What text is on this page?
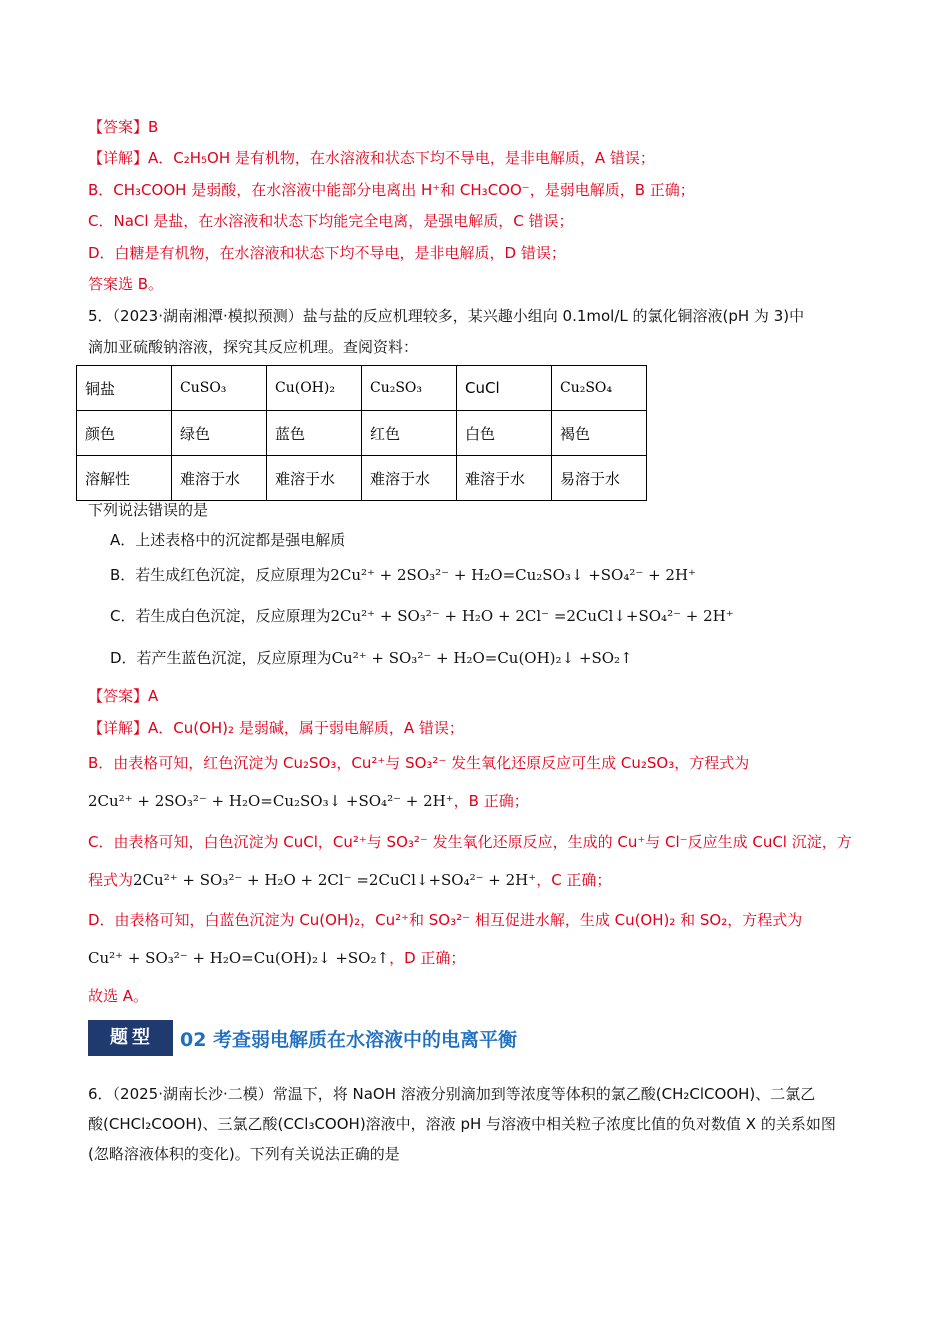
【答案】B
【详解】A．C₂H₅OH 是有机物，在水溶液和状态下均不导电，是非电解质，A 错误；
B．CH₃COOH 是弱酸，在水溶液中能部分电离出 H⁺和 CH₃COO⁻，是弱电解质，B 正确；
C．NaCl 是盐，在水溶液和状态下均能完全电离，是强电解质，C 错误；
D．白糖是有机物，在水溶液和状态下均不导电，是非电解质，D 错误；
答案选 B。
5．（2023·湖南湘潭·模拟预测）盐与盐的反应机理较多，某兴趣小组向 0.1mol/L 的氯化铜溶液(pH 为 3)中
滴加亚硫酸钠溶液，探究其反应机理。查阅资料：
铜盐	CuSO₃	Cu(OH)₂	Cu₂SO₃	CuCl	Cu₂SO₄
颜色	绿色	蓝色	红色	白色	褐色
溶解性	难溶于水	难溶于水	难溶于水	难溶于水	易溶于水
下列说法错误的是
A．上述表格中的沉淀都是强电解质
B．若生成红色沉淀，反应原理为2Cu²⁺ + 2SO₃²⁻ + H₂O=Cu₂SO₃↓ +SO₄²⁻ + 2H⁺
C．若生成白色沉淀，反应原理为2Cu²⁺ + SO₃²⁻ + H₂O + 2Cl⁻ =2CuCl↓+SO₄²⁻ + 2H⁺
D．若产生蓝色沉淀，反应原理为Cu²⁺ + SO₃²⁻ + H₂O=Cu(OH)₂↓ +SO₂↑
【答案】A
【详解】A．Cu(OH)₂ 是弱碱，属于弱电解质，A 错误；
B．由表格可知，红色沉淀为 Cu₂SO₃，Cu²⁺与 SO₃²⁻ 发生氧化还原反应可生成 Cu₂SO₃，方程式为
2Cu²⁺ + 2SO₃²⁻ + H₂O=Cu₂SO₃↓ +SO₄²⁻ + 2H⁺，B 正确；
C．由表格可知，白色沉淀为 CuCl，Cu²⁺与 SO₃²⁻ 发生氧化还原反应，生成的 Cu⁺与 Cl⁻反应生成 CuCl 沉淀，方
程式为2Cu²⁺ + SO₃²⁻ + H₂O + 2Cl⁻ =2CuCl↓+SO₄²⁻ + 2H⁺，C 正确；
D．由表格可知，白蓝色沉淀为 Cu(OH)₂，Cu²⁺和 SO₃²⁻ 相互促进水解，生成 Cu(OH)₂ 和 SO₂，方程式为
Cu²⁺ + SO₃²⁻ + H₂O=Cu(OH)₂↓ +SO₂↑，D 正确；
故选 A。
题型	02 考查弱电解质在水溶液中的电离平衡
6．（2025·湖南长沙·二模）常温下，将 NaOH 溶液分别滴加到等浓度等体积的氯乙酸(CH₂ClCOOH)、二氯乙
酸(CHCl₂COOH)、三氯乙酸(CCl₃COOH)溶液中，溶液 pH 与溶液中相关粒子浓度比值的负对数值 X 的关系如图
(忽略溶液体积的变化)。下列有关说法正确的是
